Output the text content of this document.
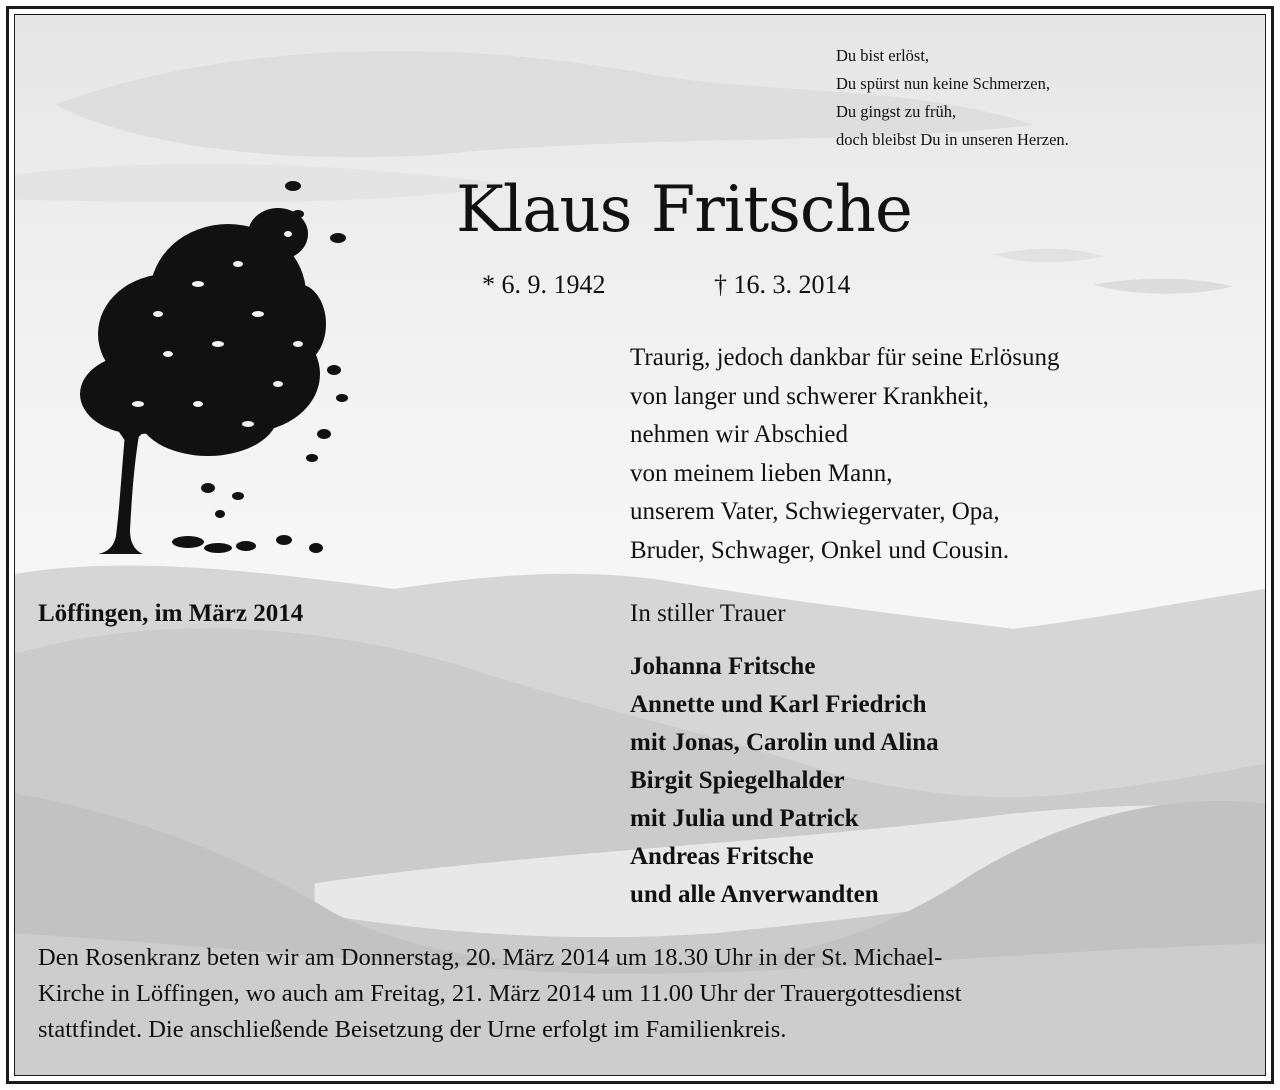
Du bist erlöst,
Du spürst nun keine Schmerzen,
Du gingst zu früh,
doch bleibst Du in unseren Herzen.
Klaus Fritsche
* 6. 9. 1942	† 16. 3. 2014
Traurig, jedoch dankbar für seine Erlösung
von langer und schwerer Krankheit,
nehmen wir Abschied
von meinem lieben Mann,
unserem Vater, Schwiegervater, Opa,
Bruder, Schwager, Onkel und Cousin.
Löffingen, im März 2014	In stiller Trauer
Johanna Fritsche
Annette und Karl Friedrich
mit Jonas, Carolin und Alina
Birgit Spiegelhalder
mit Julia und Patrick
Andreas Fritsche
und alle Anverwandten
Den Rosenkranz beten wir am Donnerstag, 20. März 2014 um 18.30 Uhr in der St. Michael-
Kirche in Löffingen, wo auch am Freitag, 21. März 2014 um 11.00 Uhr der Trauergottesdienst
stattfindet. Die anschließende Beisetzung der Urne erfolgt im Familienkreis.
